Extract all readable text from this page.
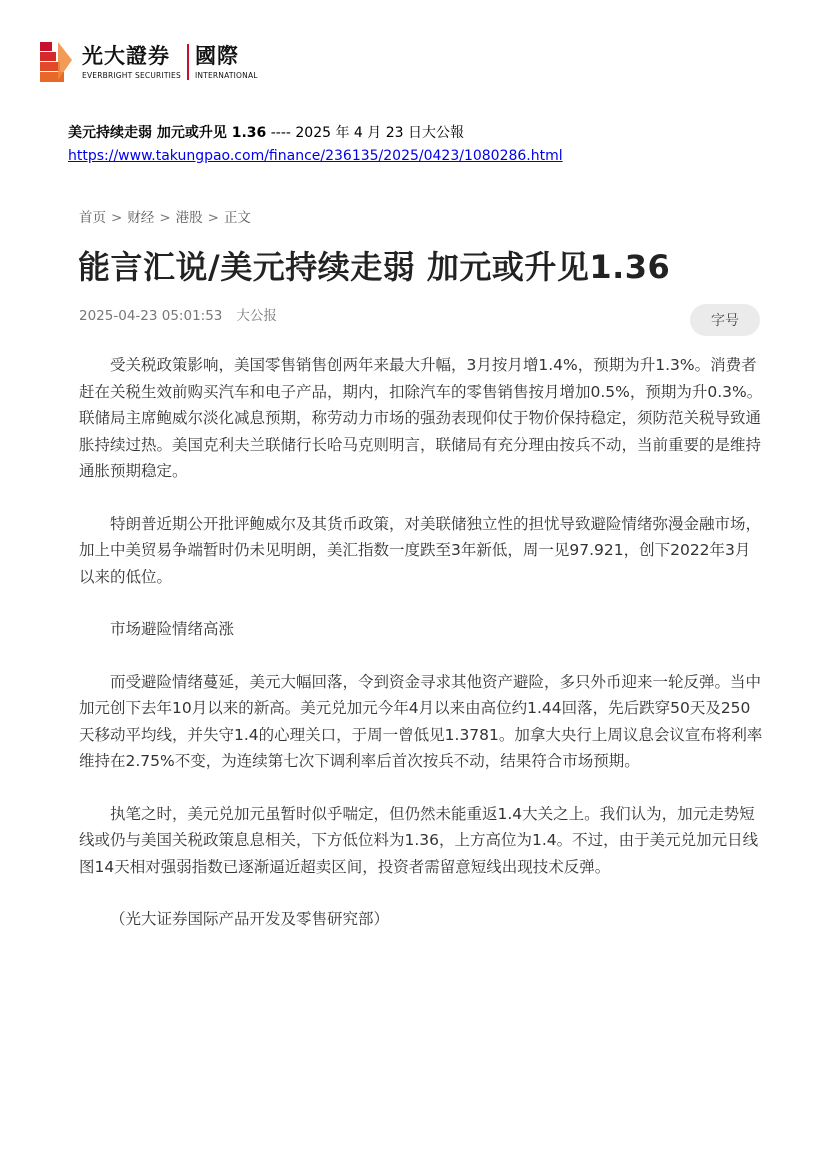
光大證券
EVERBRIGHT SECURITIES
國際
INTERNATIONAL
美元持续走弱 加元或升见 1.36 ---- 2025 年 4 月 23 日大公報
https://www.takungpao.com/finance/236135/2025/0423/1080286.html
首页 > 财经 > 港股 > 正文
能言汇说/美元持续走弱 加元或升见1.36
2025-04-23 05:01:53 大公报	字号

受关税政策影响，美国零售销售创两年来最大升幅，3月按月增1.4%，预期为升1.3%。消费者赶在关税生效前购买汽车和电子产品，期内，扣除汽车的零售销售按月增加0.5%，预期为升0.3%。联储局主席鲍威尔淡化减息预期，称劳动力市场的强劲表现仰仗于物价保持稳定，须防范关税导致通胀持续过热。美国克利夫兰联储行长哈马克则明言，联储局有充分理由按兵不动，当前重要的是维持通胀预期稳定。

特朗普近期公开批评鲍威尔及其货币政策，对美联储独立性的担忧导致避险情绪弥漫金融市场，加上中美贸易争端暂时仍未见明朗，美汇指数一度跌至3年新低，周一见97.921，创下2022年3月以来的低位。

市场避险情绪高涨

而受避险情绪蔓延，美元大幅回落，令到资金寻求其他资产避险，多只外币迎来一轮反弹。当中加元创下去年10月以来的新高。美元兑加元今年4月以来由高位约1.44回落，先后跌穿50天及250天移动平均线，并失守1.4的心理关口，于周一曾低见1.3781。加拿大央行上周议息会议宣布将利率维持在2.75%不变，为连续第七次下调利率后首次按兵不动，结果符合市场预期。

执笔之时，美元兑加元虽暂时似乎喘定，但仍然未能重返1.4大关之上。我们认为，加元走势短线或仍与美国关税政策息息相关，下方低位料为1.36，上方高位为1.4。不过，由于美元兑加元日线图14天相对强弱指数已逐渐逼近超卖区间，投资者需留意短线出现技术反弹。

（光大证券国际产品开发及零售研究部）
